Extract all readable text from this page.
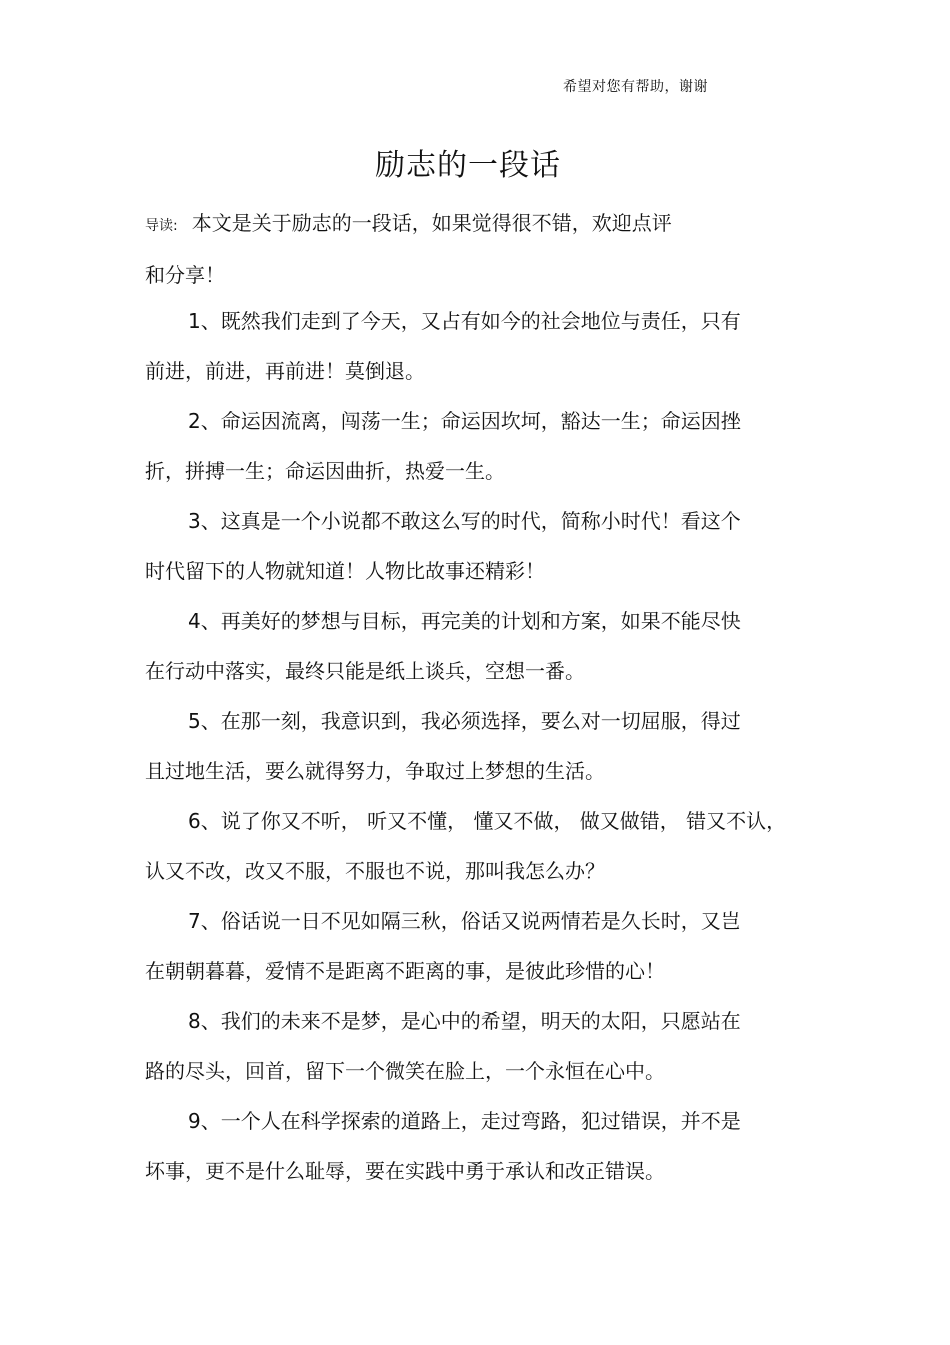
希望对您有帮助，谢谢
励志的一段话
导读: 本文是关于励志的一段话，如果觉得很不错，欢迎点评
和分享！
1、既然我们走到了今天，又占有如今的社会地位与责任，只有
前进，前进，再前进！莫倒退。
2、命运因流离，闯荡一生；命运因坎坷，豁达一生；命运因挫
折，拼搏一生；命运因曲折，热爱一生。
3、这真是一个小说都不敢这么写的时代，简称小时代！看这个
时代留下的人物就知道！人物比故事还精彩！
4、再美好的梦想与目标，再完美的计划和方案，如果不能尽快
在行动中落实，最终只能是纸上谈兵，空想一番。
5、在那一刻，我意识到，我必须选择，要么对一切屈服，得过
且过地生活，要么就得努力，争取过上梦想的生活。
6、说了你又不听， 听又不懂， 懂又不做， 做又做错， 错又不认，
认又不改，改又不服，不服也不说，那叫我怎么办？
7、俗话说一日不见如隔三秋，俗话又说两情若是久长时，又岂
在朝朝暮暮，爱情不是距离不距离的事，是彼此珍惜的心！
8、我们的未来不是梦，是心中的希望，明天的太阳，只愿站在
路的尽头，回首，留下一个微笑在脸上，一个永恒在心中。
9、一个人在科学探索的道路上，走过弯路，犯过错误，并不是
坏事，更不是什么耻辱，要在实践中勇于承认和改正错误。
